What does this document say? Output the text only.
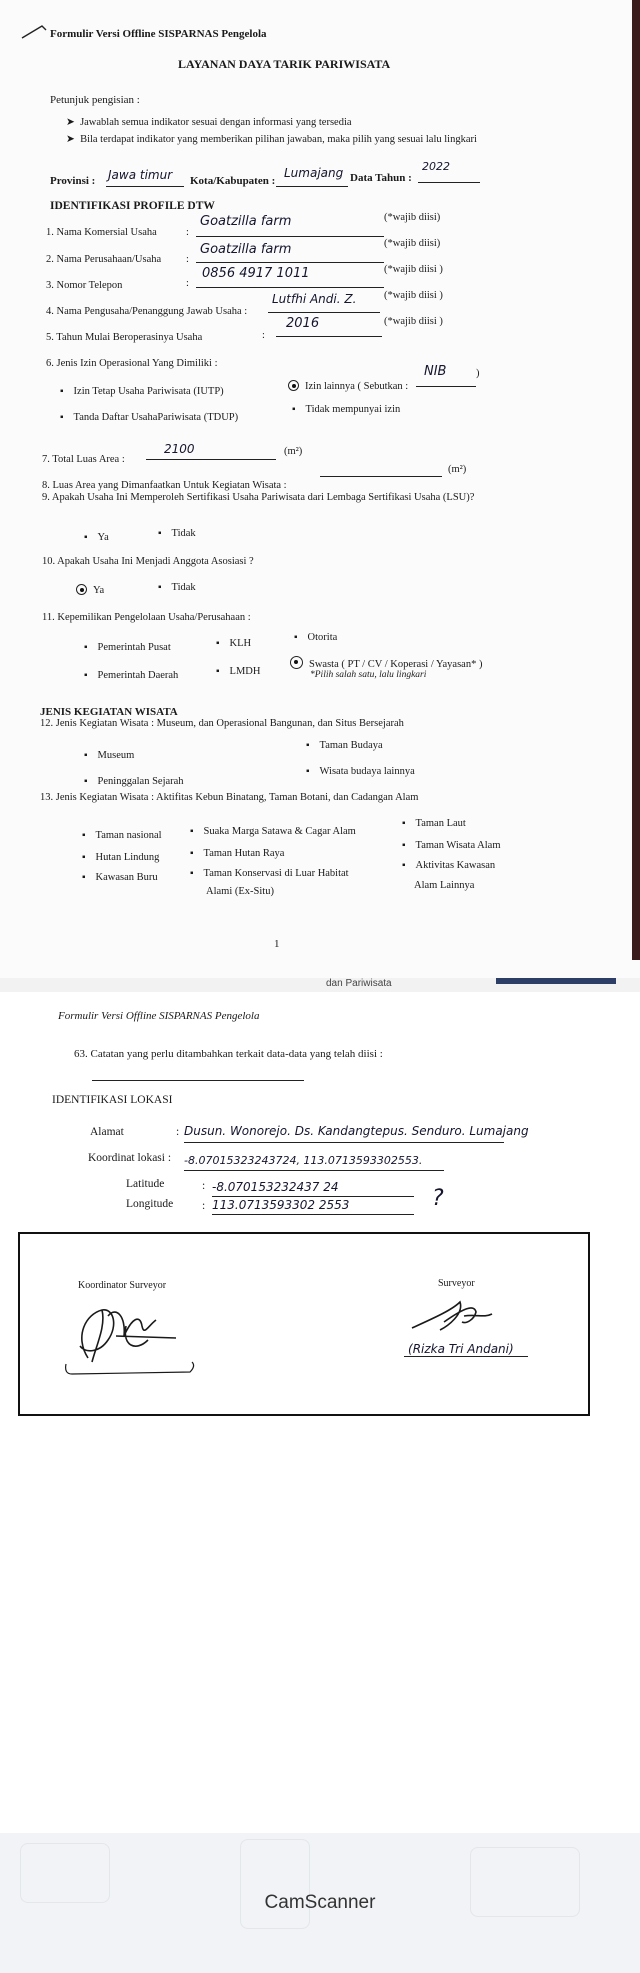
Formulir Versi Offline SISPARNAS Pengelola
LAYANAN DAYA TARIK PARIWISATA
Petunjuk pengisian :
➤  Jawablah semua indikator sesuai dengan informasi yang tersedia
➤  Bila terdapat indikator yang memberikan pilihan jawaban, maka pilih yang sesuai lalu lingkari
Provinsi : Jawa timur Kota/Kabupaten :
Lumajang Data Tahun :
2022
IDENTIFIKASI PROFILE DTW
1. Nama Komersial Usaha	:
Goatzilla farm	(*wajib diisi)
2. Nama Perusahaan/Usaha :
Goatzilla farm	(*wajib diisi)
3. Nomor Telepon	:
0856 4917 1011	(*wajib diisi )
4. Nama Pengusaha/Penanggung Jawab Usaha :
Lutfhi Andi. Z.	(*wajib diisi )
5. Tahun Mulai Beroperasinya Usaha	:
2016	(*wajib diisi )
6. Jenis Izin Operasional Yang Dimiliki :
▪ Izin Tetap Usaha Pariwisata (IUTP)	Izin lainnya ( Sebutkan :
NIB	)
▪ Tanda Daftar UsahaPariwisata (TDUP)
▪ Tidak mempunyai izin
7. Total Luas Area :
2100	(m²)
8. Luas Area yang Dimanfaatkan Untuk Kegiatan Wisata :
(m²)
9. Apakah Usaha Ini Memperoleh Sertifikasi Usaha Pariwisata dari Lembaga Sertifikasi Usaha (LSU)?
▪ Ya	▪ Tidak
10. Apakah Usaha Ini Menjadi Anggota Asosiasi ?
Ya	▪ Tidak
11. Kepemilikan Pengelolaan Usaha/Perusahaan :
▪ Pemerintah Pusat	▪ KLH
▪ Otorita
▪ Pemerintah Daerah	▪ LMDH
Swasta ( PT / CV / Koperasi / Yayasan* )
*Pilih salah satu, lalu lingkari
JENIS KEGIATAN WISATA
12. Jenis Kegiatan Wisata : Museum, dan Operasional Bangunan, dan Situs Bersejarah
▪ Museum
▪ Taman Budaya
▪ Peninggalan Sejarah
▪ Wisata budaya lainnya
13. Jenis Kegiatan Wisata : Aktifitas Kebun Binatang, Taman Botani, dan Cadangan Alam
▪ Taman nasional
▪ Hutan Lindung
▪ Kawasan Buru
▪ Suaka Marga Satawa & Cagar Alam
▪ Taman Hutan Raya
▪ Taman Konservasi di Luar Habitat
Alami (Ex-Situ)
▪ Taman Laut
▪ Taman Wisata Alam
▪ Aktivitas Kawasan
Alam Lainnya
1
dan Pariwisata
Formulir Versi Offline SISPARNAS Pengelola
63. Catatan yang perlu ditambahkan terkait data-data yang telah diisi :
IDENTIFIKASI LOKASI
Alamat	: Dusun. Wonorejo. Ds. Kandangtepus. Senduro. Lumajang
Koordinat lokasi : -8.07015323243724, 113.0713593302553.
Latitude	: -8.070153232437 24
Longitude : 113.0713593302 2553	?
Koordinator Surveyor	Surveyor
(Rizka Tri Andani)
CamScanner
